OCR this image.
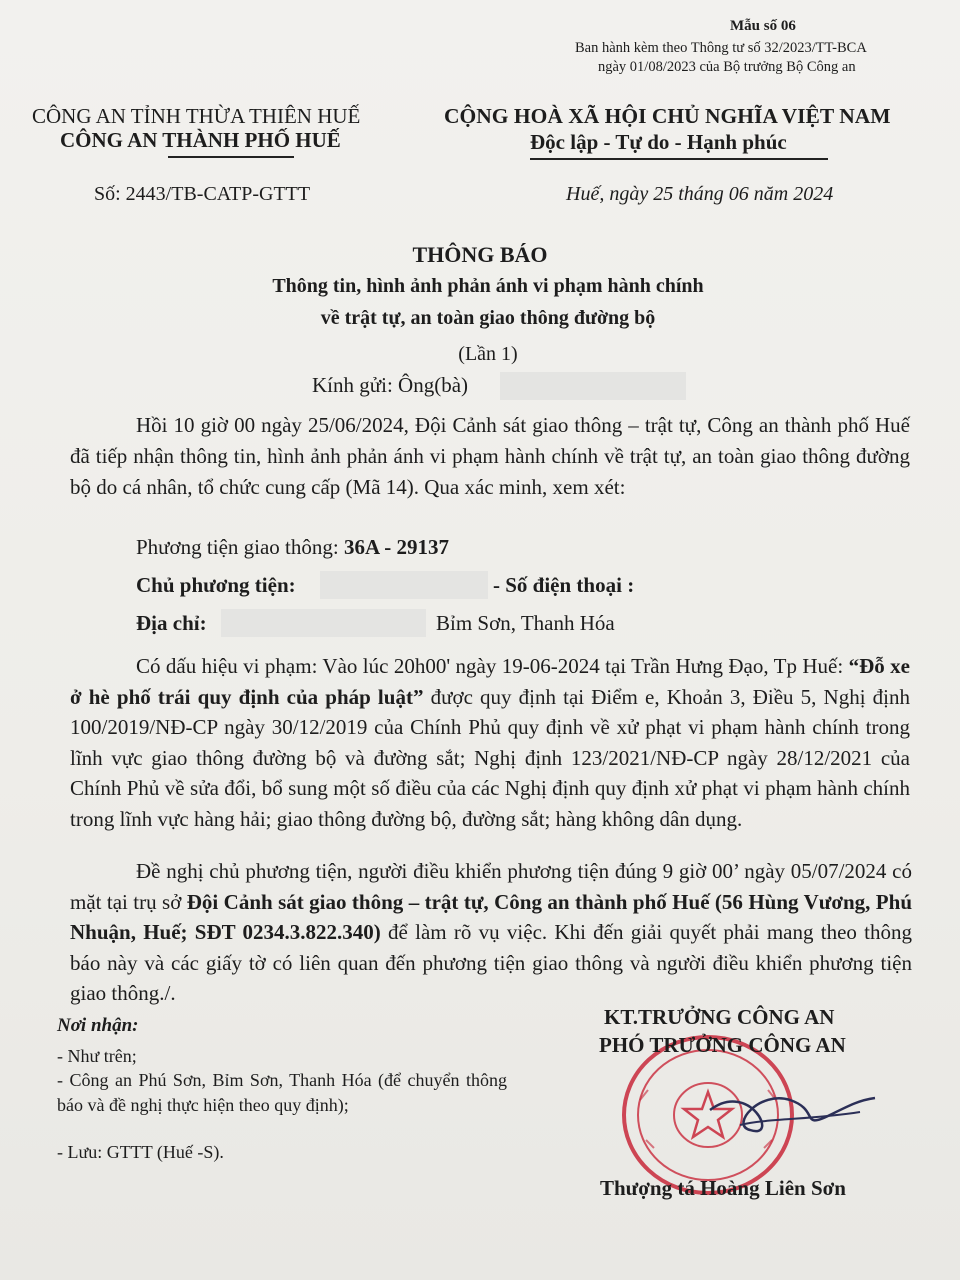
Mẫu số 06
Ban hành kèm theo Thông tư số 32/2023/TT-BCA
ngày 01/08/2023 của Bộ trưởng Bộ Công an
CÔNG AN TỈNH THỪA THIÊN HUẾ
CÔNG AN THÀNH PHỐ HUẾ
CỘNG HOÀ XÃ HỘI CHỦ NGHĨA VIỆT NAM
Độc lập - Tự do - Hạnh phúc
Số: 2443/TB-CATP-GTTT	Huế, ngày 25 tháng 06 năm 2024
THÔNG BÁO
Thông tin, hình ảnh phản ánh vi phạm hành chính
về trật tự, an toàn giao thông đường bộ
(Lần 1)
Kính gửi: Ông(bà)
Hồi 10 giờ 00 ngày 25/06/2024, Đội Cảnh sát giao thông – trật tự, Công an thành phố Huế đã tiếp nhận thông tin, hình ảnh phản ánh vi phạm hành chính về trật tự, an toàn giao thông đường bộ do cá nhân, tổ chức cung cấp (Mã 14). Qua xác minh, xem xét:
Phương tiện giao thông: 36A - 29137
Chủ phương tiện:	- Số điện thoại :
Địa chỉ:	Bỉm Sơn, Thanh Hóa
Có dấu hiệu vi phạm: Vào lúc 20h00' ngày 19-06-2024 tại Trần Hưng Đạo, Tp Huế: “Đỗ xe ở hè phố trái quy định của pháp luật” được quy định tại Điểm e, Khoản 3, Điều 5, Nghị định 100/2019/NĐ-CP ngày 30/12/2019 của Chính Phủ quy định về xử phạt vi phạm hành chính trong lĩnh vực giao thông đường bộ và đường sắt; Nghị định 123/2021/NĐ-CP ngày 28/12/2021 của Chính Phủ về sửa đổi, bổ sung một số điều của các Nghị định quy định xử phạt vi phạm hành chính trong lĩnh vực hàng hải; giao thông đường bộ, đường sắt; hàng không dân dụng.
Đề nghị chủ phương tiện, người điều khiển phương tiện đúng 9 giờ 00’ ngày 05/07/2024 có mặt tại trụ sở Đội Cảnh sát giao thông – trật tự, Công an thành phố Huế (56 Hùng Vương, Phú Nhuận, Huế; SĐT 0234.3.822.340) để làm rõ vụ việc. Khi đến giải quyết phải mang theo thông báo này và các giấy tờ có liên quan đến phương tiện giao thông và người điều khiển phương tiện giao thông./.
Nơi nhận:
- Như trên;
- Công an Phú Sơn, Bỉm Sơn, Thanh Hóa (để chuyển thông báo và đề nghị thực hiện theo quy định);
- Lưu: GTTT (Huế -S).
KT.TRƯỞNG CÔNG AN
PHÓ TRƯỞNG CÔNG AN
Thượng tá Hoàng Liên Sơn
